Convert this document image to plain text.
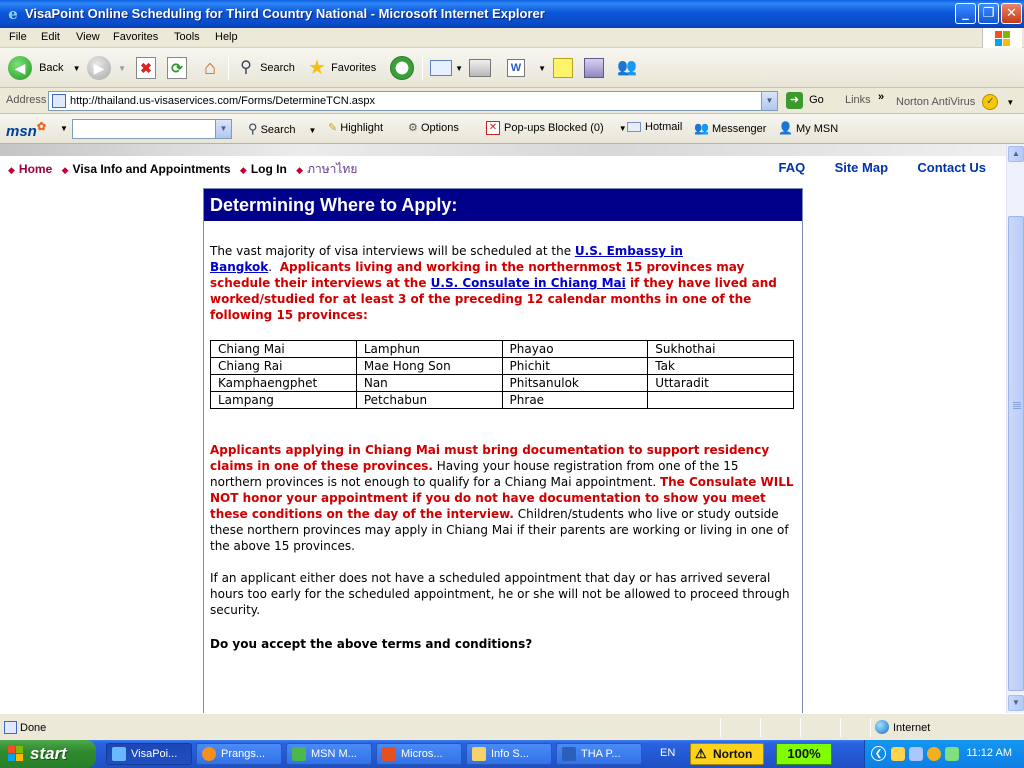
e VisaPoint Online Scheduling for Third Country National - Microsoft Internet Explorer	_	❐ ✕
File Edit View Favorites Tools Help
◀ Back ▼ ▶ ▼ ✖ ⟳ ⌂	⚲ Search ★ Favorites	▼	W ▼	👥
Address http://thailand.us-visaservices.com/Forms/DetermineTCN.aspx	▼	➜ Go Links » Norton AntiVirus ✓ ▼
msn✿ ▼	▼ ⚲ Search ▼ ✎ Highlight ⚙ Options	✕ Pop-ups Blocked (0) ▼	Hotmail 👥 Messenger 👤 My MSN
◆ Home ◆ Visa Info and Appointments ◆ Log In ◆ ภาษาไทย	FAQ Site Map Contact Us
Determining Where to Apply:

The vast majority of visa interviews will be scheduled at the U.S. Embassy in Bangkok. Applicants living and working in the northernmost 15 provinces may schedule their interviews at the U.S. Consulate in Chiang Mai if they have lived and worked/studied for at least 3 of the preceding 12 calendar months in one of the following 15 provinces:

Chiang Mai	Lamphun	Phayao	Sukhothai
Chiang Rai	Mae Hong Son	Phichit	Tak
Kamphaengphet	Nan	Phitsanulok	Uttaradit
Lampang	Petchabun	Phrae	

Applicants applying in Chiang Mai must bring documentation to support residency claims in one of these provinces. Having your house registration from one of the 15 northern provinces is not enough to qualify for a Chiang Mai appointment. The Consulate WILL NOT honor your appointment if you do not have documentation to show you meet these conditions on the day of the interview. Children/students who live or study outside these northern provinces may apply in Chiang Mai if their parents are working or living in one of the above 15 provinces.

If an applicant either does not have a scheduled appointment that day or has arrived several hours too early for the scheduled appointment, he or she will not be allowed to proceed through security.

Do you accept the above terms and conditions?

▲
▼
Done	Internet
start	VisaPoi...	Prangs...	MSN M...	Micros...	Info S...	THA P...	EN ⚠ Norton	100%	❮	11:12 AM
